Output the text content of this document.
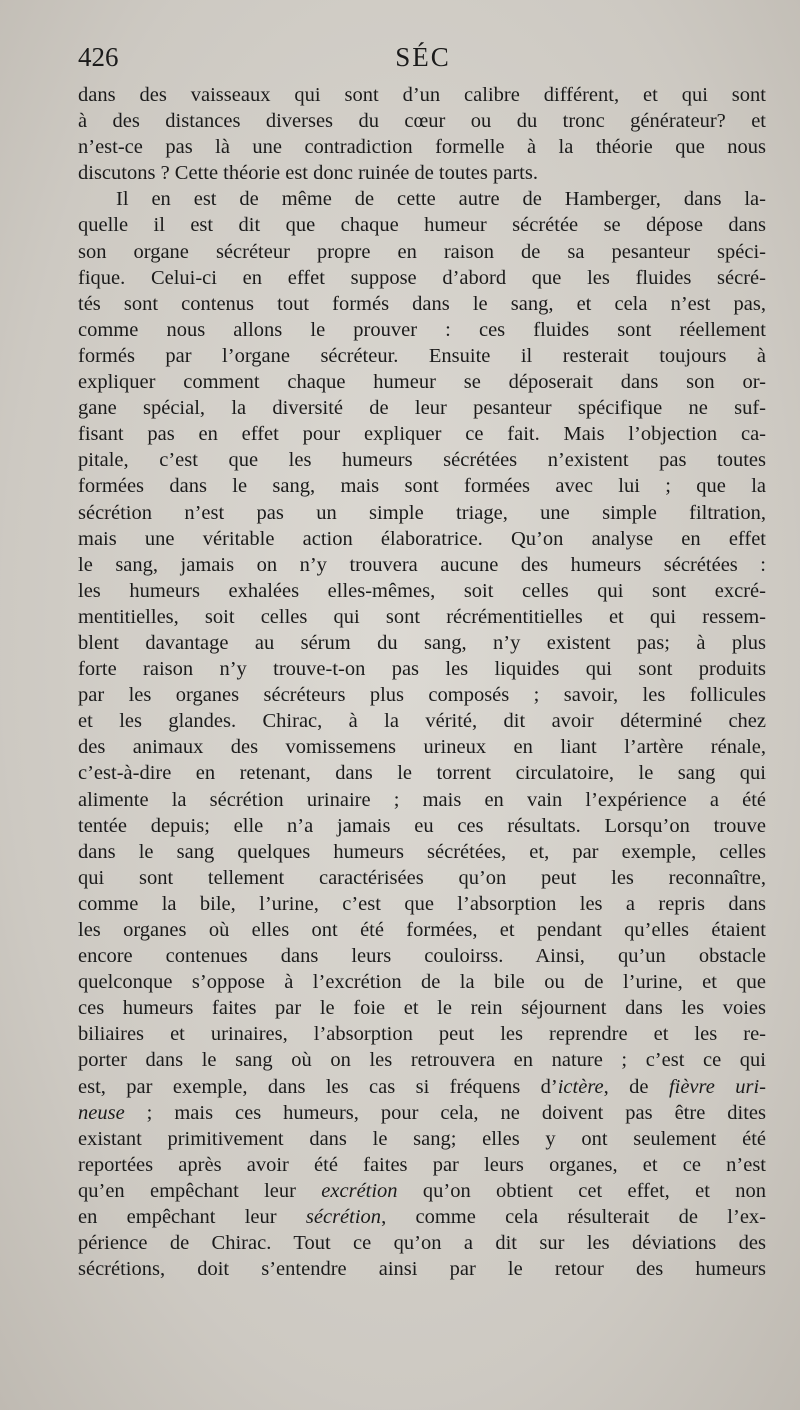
426	SÉC
dans des vaisseaux qui sont d’un calibre différent, et qui sont
à des distances diverses du cœur ou du tronc générateur? et
n’est-ce pas là une contradiction formelle à la théorie que nous
discutons ? Cette théorie est donc ruinée de toutes parts.
Il en est de même de cette autre de Hamberger, dans la-
quelle il est dit que chaque humeur sécrétée se dépose dans
son organe sécréteur propre en raison de sa pesanteur spéci-
fique. Celui-ci en effet suppose d’abord que les fluides sécré-
tés sont contenus tout formés dans le sang, et cela n’est pas,
comme nous allons le prouver : ces fluides sont réellement
formés par l’organe sécréteur. Ensuite il resterait toujours à
expliquer comment chaque humeur se déposerait dans son or-
gane spécial, la diversité de leur pesanteur spécifique ne suf-
fisant pas en effet pour expliquer ce fait. Mais l’objection ca-
pitale, c’est que les humeurs sécrétées n’existent pas toutes
formées dans le sang, mais sont formées avec lui ; que la
sécrétion n’est pas un simple triage, une simple filtration,
mais une véritable action élaboratrice. Qu’on analyse en effet
le sang, jamais on n’y trouvera aucune des humeurs sécrétées :
les humeurs exhalées elles-mêmes, soit celles qui sont excré-
mentitielles, soit celles qui sont récrémentitielles et qui ressem-
blent davantage au sérum du sang, n’y existent pas; à plus
forte raison n’y trouve-t-on pas les liquides qui sont produits
par les organes sécréteurs plus composés ; savoir, les follicules
et les glandes. Chirac, à la vérité, dit avoir déterminé chez
des animaux des vomissemens urineux en liant l’artère rénale,
c’est-à-dire en retenant, dans le torrent circulatoire, le sang qui
alimente la sécrétion urinaire ; mais en vain l’expérience a été
tentée depuis; elle n’a jamais eu ces résultats. Lorsqu’on trouve
dans le sang quelques humeurs sécrétées, et, par exemple, celles
qui sont tellement caractérisées qu’on peut les reconnaître,
comme la bile, l’urine, c’est que l’absorption les a repris dans
les organes où elles ont été formées, et pendant qu’elles étaient
encore contenues dans leurs couloirss. Ainsi, qu’un obstacle
quelconque s’oppose à l’excrétion de la bile ou de l’urine, et que
ces humeurs faites par le foie et le rein séjournent dans les voies
biliaires et urinaires, l’absorption peut les reprendre et les re-
porter dans le sang où on les retrouvera en nature ; c’est ce qui
est, par exemple, dans les cas si fréquens d’ictère, de fièvre uri-
neuse ; mais ces humeurs, pour cela, ne doivent pas être dites
existant primitivement dans le sang; elles y ont seulement été
reportées après avoir été faites par leurs organes, et ce n’est
qu’en empêchant leur excrétion qu’on obtient cet effet, et non
en empêchant leur sécrétion, comme cela résulterait de l’ex-
périence de Chirac. Tout ce qu’on a dit sur les déviations des
sécrétions, doit s’entendre ainsi par le retour des humeurs
